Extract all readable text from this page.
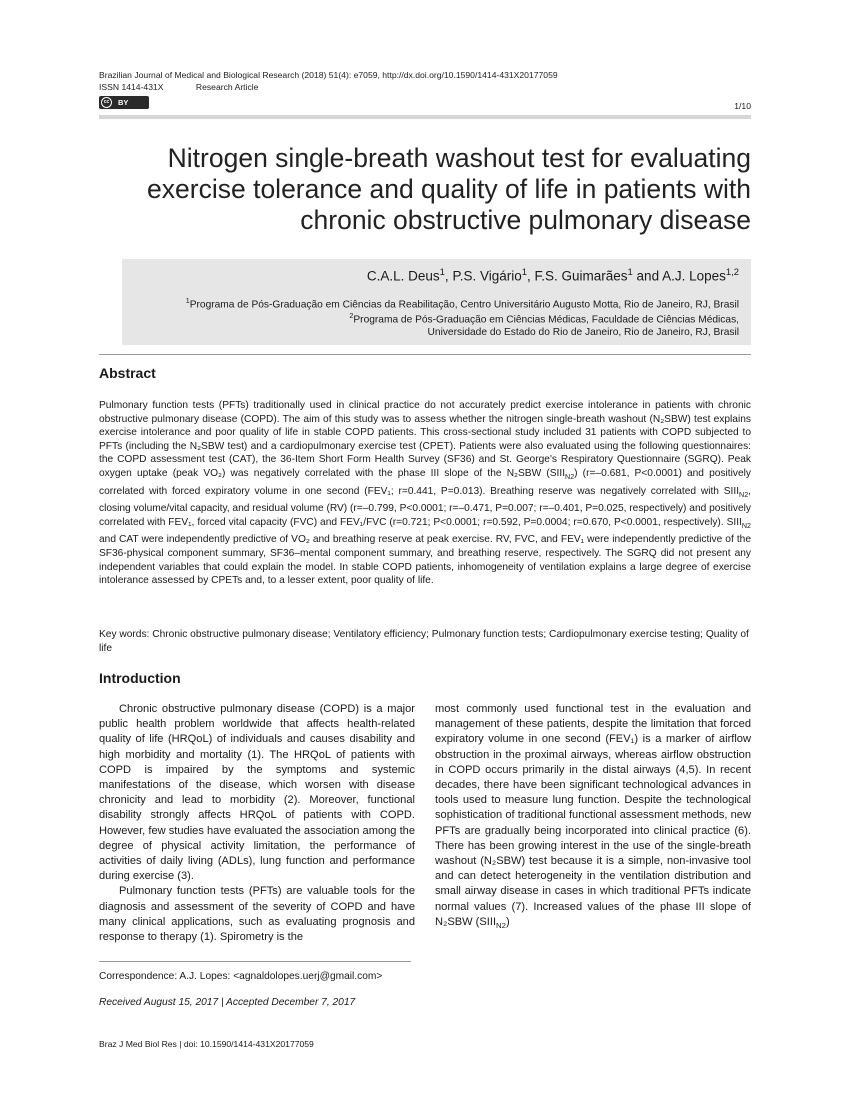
Brazilian Journal of Medical and Biological Research (2018) 51(4): e7059, http://dx.doi.org/10.1590/1414-431X20177059
ISSN 1414-431X	Research Article
cc	BY	1/10
Nitrogen single-breath washout test for evaluating exercise tolerance and quality of life in patients with chronic obstructive pulmonary disease
C.A.L. Deus$^1$, P.S. Vigário$^1$, F.S. Guimarães$^1$ and A.J. Lopes$^{1,2}$
$^1$Programa de Pós-Graduação em Ciências da Reabilitação, Centro Universitário Augusto Motta, Rio de Janeiro, RJ, Brasil
$^2$Programa de Pós-Graduação em Ciências Médicas, Faculdade de Ciências Médicas,
Universidade do Estado do Rio de Janeiro, Rio de Janeiro, RJ, Brasil
Abstract
Pulmonary function tests (PFTs) traditionally used in clinical practice do not accurately predict exercise intolerance in patients with chronic obstructive pulmonary disease (COPD). The aim of this study was to assess whether the nitrogen single-breath washout (N₂SBW) test explains exercise intolerance and poor quality of life in stable COPD patients. This cross-sectional study included 31 patients with COPD subjected to PFTs (including the N₂SBW test) and a cardiopulmonary exercise test (CPET). Patients were also evaluated using the following questionnaires: the COPD assessment test (CAT), the 36-Item Short Form Health Survey (SF36) and St. George's Respiratory Questionnaire (SGRQ). Peak oxygen uptake (peak VO₂) was negatively correlated with the phase III slope of the N₂SBW $(SIII_{N2})$ (r=–0.681, P<0.0001) and positively correlated with forced expiratory volume in one second (FEV₁; r=0.441, P=0.013). Breathing reserve was negatively correlated with $SIII_{N2}$, closing volume/vital capacity, and residual volume (RV) (r=–0.799, P<0.0001; r=–0.471, P=0.007; r=–0.401, P=0.025, respectively) and positively correlated with FEV₁, forced vital capacity (FVC) and FEV₁/FVC (r=0.721; P<0.0001; r=0.592, P=0.0004; r=0.670, P<0.0001, respectively). $SIII_{N2}$ and CAT were independently predictive of VO₂ and breathing reserve at peak exercise. RV, FVC, and FEV₁ were independently predictive of the SF36-physical component summary, SF36–mental component summary, and breathing reserve, respectively. The SGRQ did not present any independent variables that could explain the model. In stable COPD patients, inhomogeneity of ventilation explains a large degree of exercise intolerance assessed by CPETs and, to a lesser extent, poor quality of life.
Key words: Chronic obstructive pulmonary disease; Ventilatory efficiency; Pulmonary function tests; Cardiopulmonary exercise testing; Quality of life
Introduction

Chronic obstructive pulmonary disease (COPD) is a major public health problem worldwide that affects health-related quality of life (HRQoL) of individuals and causes disability and high morbidity and mortality (1). The HRQoL of patients with COPD is impaired by the symptoms and systemic manifestations of the disease, which worsen with disease chronicity and lead to morbidity (2). Moreover, functional disability strongly affects HRQoL of patients with COPD. However, few studies have evaluated the association among the degree of physical activity limitation, the performance of activities of daily living (ADLs), lung function and performance during exercise (3).

Pulmonary function tests (PFTs) are valuable tools for the diagnosis and assessment of the severity of COPD and have many clinical applications, such as evaluating prognosis and response to therapy (1). Spirometry is the

most commonly used functional test in the evaluation and management of these patients, despite the limitation that forced expiratory volume in one second (FEV₁) is a marker of airflow obstruction in the proximal airways, whereas airflow obstruction in COPD occurs primarily in the distal airways (4,5). In recent decades, there have been significant technological advances in tools used to measure lung function. Despite the technological sophistication of traditional functional assessment methods, new PFTs are gradually being incorporated into clinical practice (6). There has been growing interest in the use of the single-breath washout (N₂SBW) test because it is a simple, non-invasive tool and can detect heterogeneity in the ventilation distribution and small airway disease in cases in which traditional PFTs indicate normal values (7). Increased values of the phase III slope of N₂SBW $(SIII_{N2})$

Correspondence: A.J. Lopes: <agnaldolopes.uerj@gmail.com>
Received August 15, 2017 | Accepted December 7, 2017
Braz J Med Biol Res | doi: 10.1590/1414-431X20177059
